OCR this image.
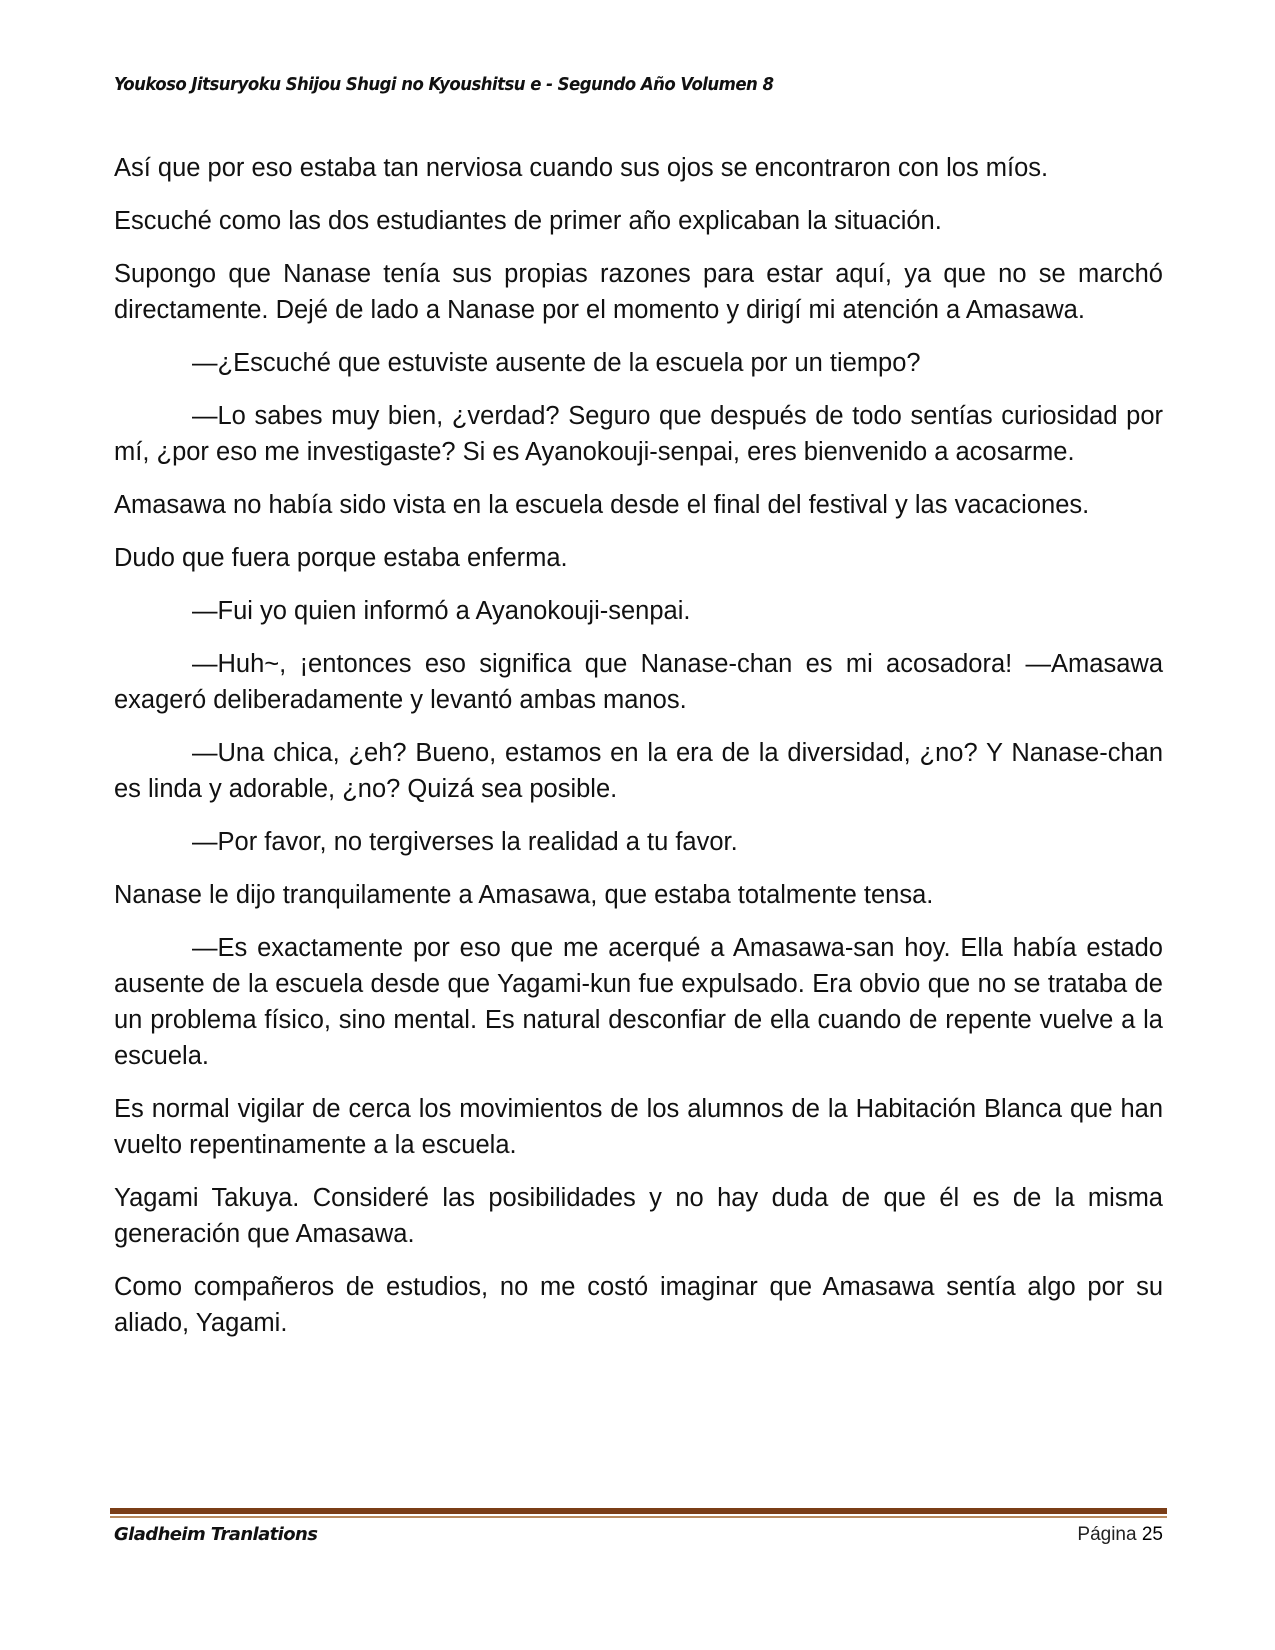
Youkoso Jitsuryoku Shijou Shugi no Kyoushitsu e - Segundo Año Volumen 8

Así que por eso estaba tan nerviosa cuando sus ojos se encontraron con los míos.

Escuché como las dos estudiantes de primer año explicaban la situación.

Supongo que Nanase tenía sus propias razones para estar aquí, ya que no se marchó directamente. Dejé de lado a Nanase por el momento y dirigí mi atención a Amasawa.

—¿Escuché que estuviste ausente de la escuela por un tiempo?

—Lo sabes muy bien, ¿verdad? Seguro que después de todo sentías curiosidad por mí, ¿por eso me investigaste? Si es Ayanokouji-senpai, eres bienvenido a acosarme.

Amasawa no había sido vista en la escuela desde el final del festival y las vacaciones.

Dudo que fuera porque estaba enferma.

—Fui yo quien informó a Ayanokouji-senpai.

—Huh~, ¡entonces eso significa que Nanase-chan es mi acosadora! —Amasawa exageró deliberadamente y levantó ambas manos.

—Una chica, ¿eh? Bueno, estamos en la era de la diversidad, ¿no? Y Nanase-chan es linda y adorable, ¿no? Quizá sea posible.

—Por favor, no tergiverses la realidad a tu favor.

Nanase le dijo tranquilamente a Amasawa, que estaba totalmente tensa.

—Es exactamente por eso que me acerqué a Amasawa-san hoy. Ella había estado ausente de la escuela desde que Yagami-kun fue expulsado. Era obvio que no se trataba de un problema físico, sino mental. Es natural desconfiar de ella cuando de repente vuelve a la escuela.

Es normal vigilar de cerca los movimientos de los alumnos de la Habitación Blanca que han vuelto repentinamente a la escuela.

Yagami Takuya. Consideré las posibilidades y no hay duda de que él es de la misma generación que Amasawa.

Como compañeros de estudios, no me costó imaginar que Amasawa sentía algo por su aliado, Yagami.

Gladheim Tranlations	Página 25
